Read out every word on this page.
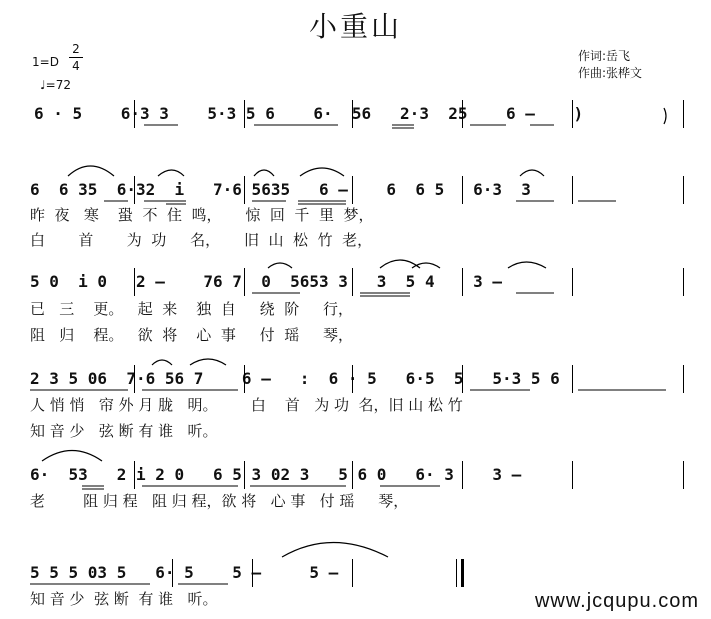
小重山
1=D
2
4
♩=72
作词:岳飞
作曲:张桦文
6 · 5    6·3 3    5·3 5 6    6·  56   2·3  25    6 –    )
6  6 35  6·32  i   7·6 5635   6 –    6  6 5   6·3  3
昨  夜   寒    蛩  不  住  鸣，     惊  回  千  里  梦，
白       首       为  功     名，     旧  山  松  竹  老，
5 0  i 0   2 –    76 7  0  5653 3   3  5 4    3 –
已   三    更。   起  来    独  自     绕  阶     行，
阻   归    程。   欲  将    心  事     付  瑶     琴，
2 3 5 06  7·6 56 7    6 –   :  6 · 5   6·5  5   5·3 5 6
人 悄 悄   帘 外 月 胧   明。       白    首   为 功  名，旧 山 松 竹
知 音 少   弦 断 有 谁   听。
6·  53   2 i 2 0   6 5 3 02 3   5 6 0   6· 3    3 –
老        阻 归 程   阻 归 程，欲 将   心 事   付 瑶     琴，
5 5 5 03 5   6· 5    5 –     5 –
知 音 少  弦 断  有 谁   听。	www.jcqupu.com
